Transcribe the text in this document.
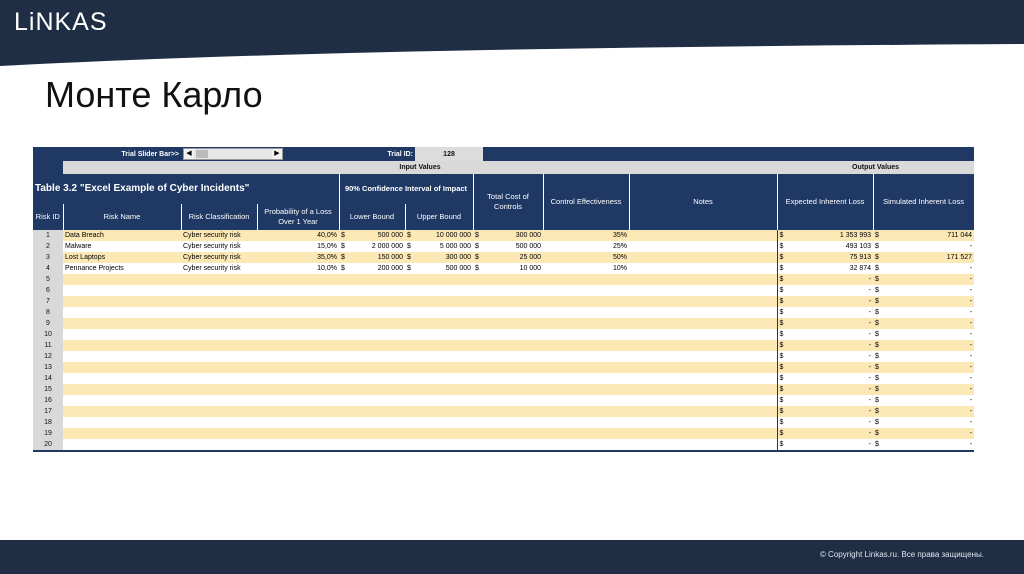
LiNKAS
Монте Карло
Trial Slider Bar>>		◀ ▶		Trial ID:			128								
	Input Values											Output Values			
Table 3.2 "Excel Example of Cyber Incidents"				90% Confidence Interval of Impact				Total Cost of Controls		Control Effectiveness	Notes	Expected Inherent Loss		Simulated Inherent Loss	
Risk ID	Risk Name	Risk Classification	Probability of a Loss Over 1 Year	Lower Bound		Upper Bound									
1	Data Breach	Cyber security risk	40,0%	$	500 000	$	10 000 000	$	300 000	35%		$	1 353 993	$	711 044
2	Malware	Cyber security risk	15,0%	$	2 000 000	$	5 000 000	$	500 000	25%		$	493 103	$	-
3	Lost Laptops	Cyber security risk	35,0%	$	150 000	$	300 000	$	25 000	50%		$	75 913	$	171 527
4	Pennance Projects	Cyber security risk	10,0%	$	200 000	$	500 000	$	10 000	10%		$	32 874	$	-
5												$	-	$	-
6												$	-	$	-
7												$	-	$	-
8												$	-	$	-
9												$	-	$	-
10												$	-	$	-
11												$	-	$	-
12												$	-	$	-
13												$	-	$	-
14												$	-	$	-
15												$	-	$	-
16												$	-	$	-
17												$	-	$	-
18												$	-	$	-
19												$	-	$	-
20												$	-	$	-
© Copyright Linkas.ru. Все права защищены.
